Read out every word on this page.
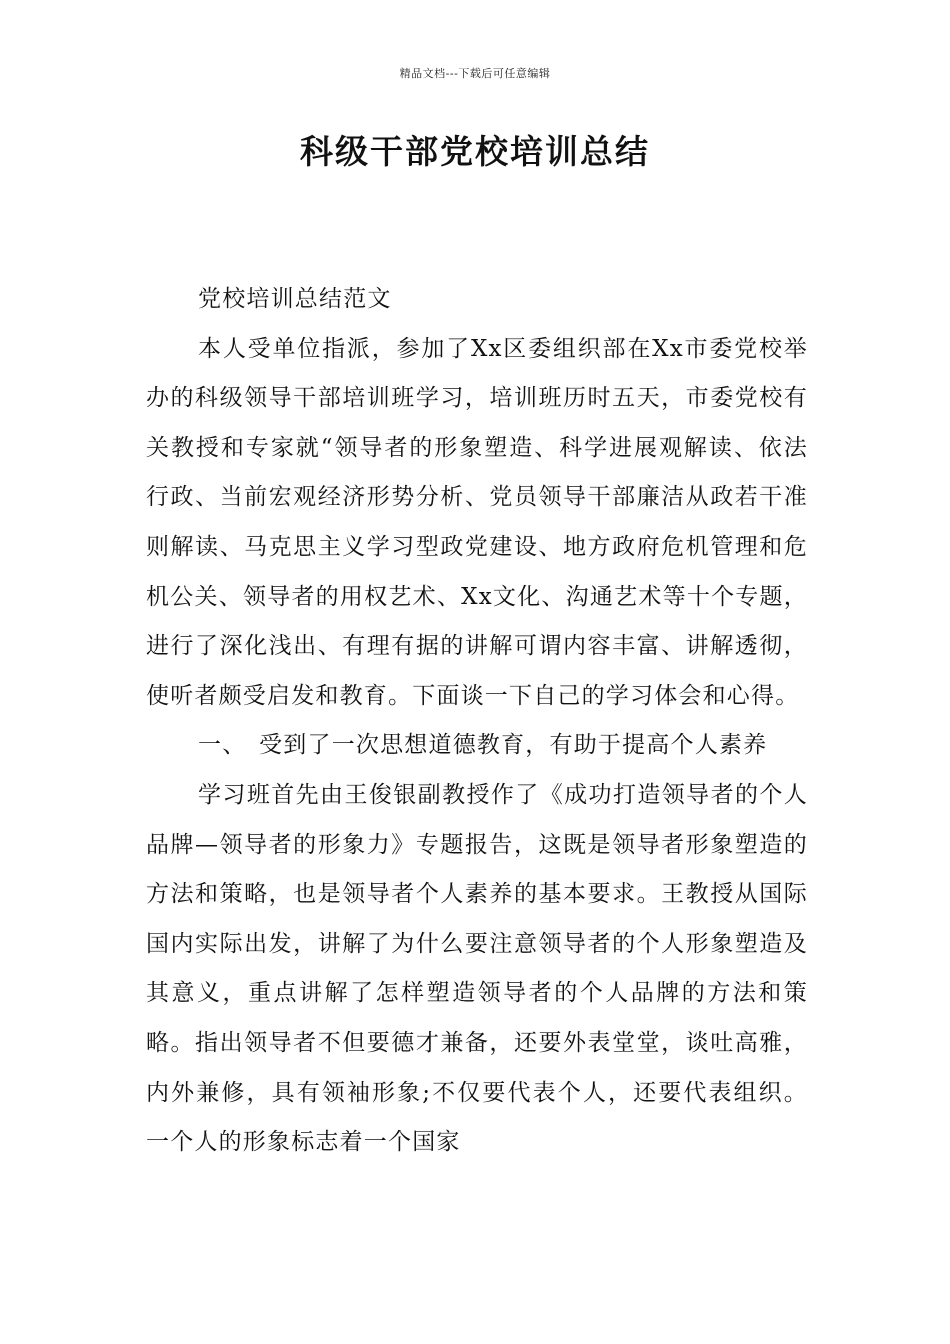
精品文档---下载后可任意编辑
科级干部党校培训总结

党校培训总结范文

本人受单位指派，参加了Xx区委组织部在Xx市委党校举办的科级领导干部培训班学习，培训班历时五天，市委党校有关教授和专家就“领导者的形象塑造、科学进展观解读、依法行政、当前宏观经济形势分析、党员领导干部廉洁从政若干准则解读、马克思主义学习型政党建设、地方政府危机管理和危机公关、领导者的用权艺术、Xx文化、沟通艺术等十个专题，进行了深化浅出、有理有据的讲解可谓内容丰富、讲解透彻，使听者颇受启发和教育。下面谈一下自己的学习体会和心得。

一、　受到了一次思想道德教育，有助于提高个人素养

学习班首先由王俊银副教授作了《成功打造领导者的个人品牌—领导者的形象力》专题报告，这既是领导者形象塑造的方法和策略，也是领导者个人素养的基本要求。王教授从国际国内实际出发，讲解了为什么要注意领导者的个人形象塑造及其意义，重点讲解了怎样塑造领导者的个人品牌的方法和策略。指出领导者不但要德才兼备，还要外表堂堂，谈吐高雅，内外兼修，具有领袖形象;不仅要代表个人，还要代表组织。一个人的形象标志着一个国家
